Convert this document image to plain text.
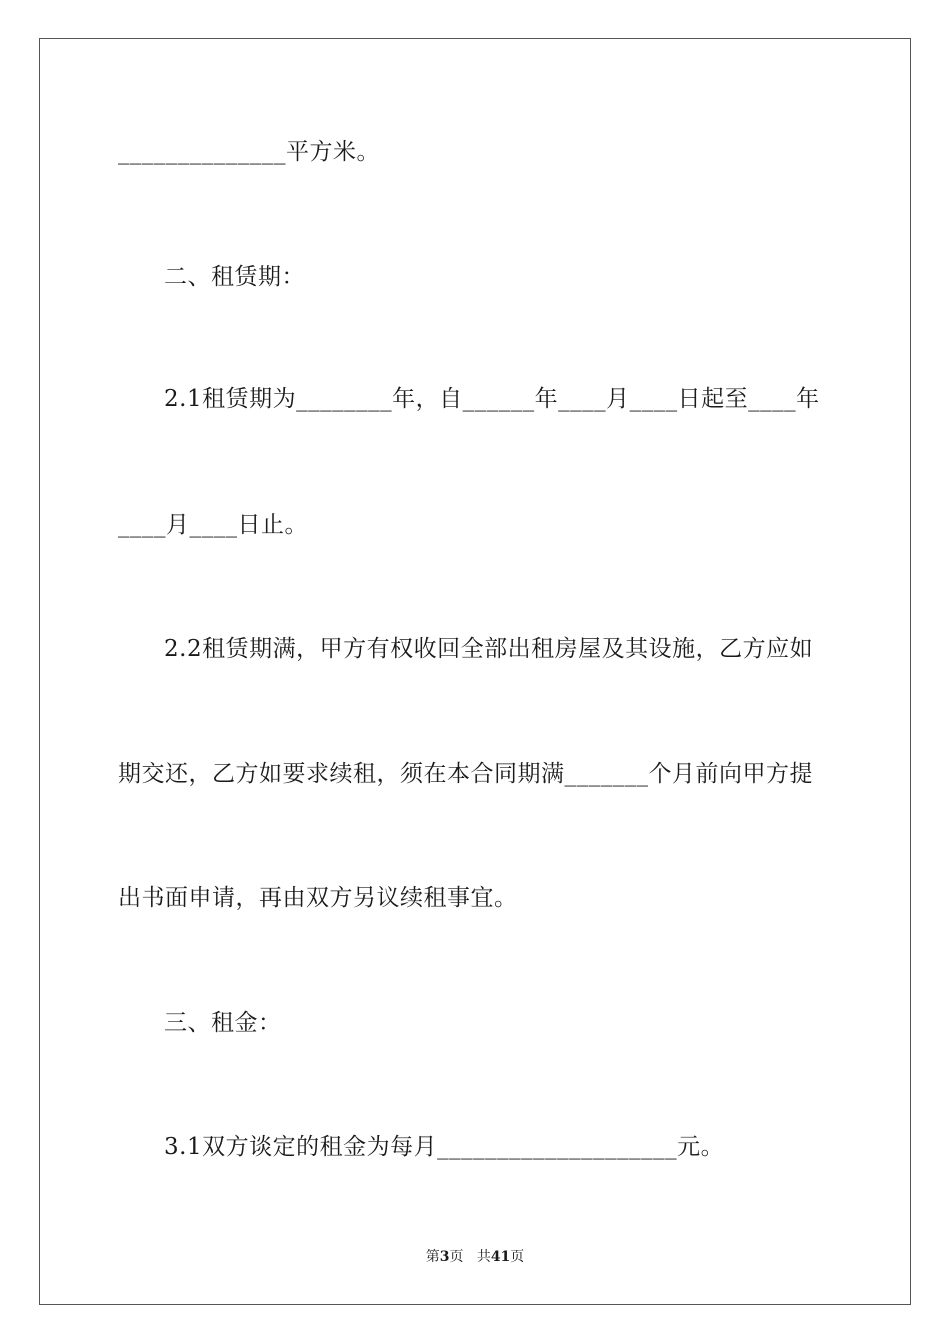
______________平方米。
二、租赁期：
2.1租赁期为________年，自______年____月____日起至____年
____月____日止。
2.2租赁期满，甲方有权收回全部出租房屋及其设施，乙方应如
期交还，乙方如要求续租，须在本合同期满_______个月前向甲方提
出书面申请，再由双方另议续租事宜。
三、租金：
3.1双方谈定的租金为每月____________________元。
第3页 共41页
